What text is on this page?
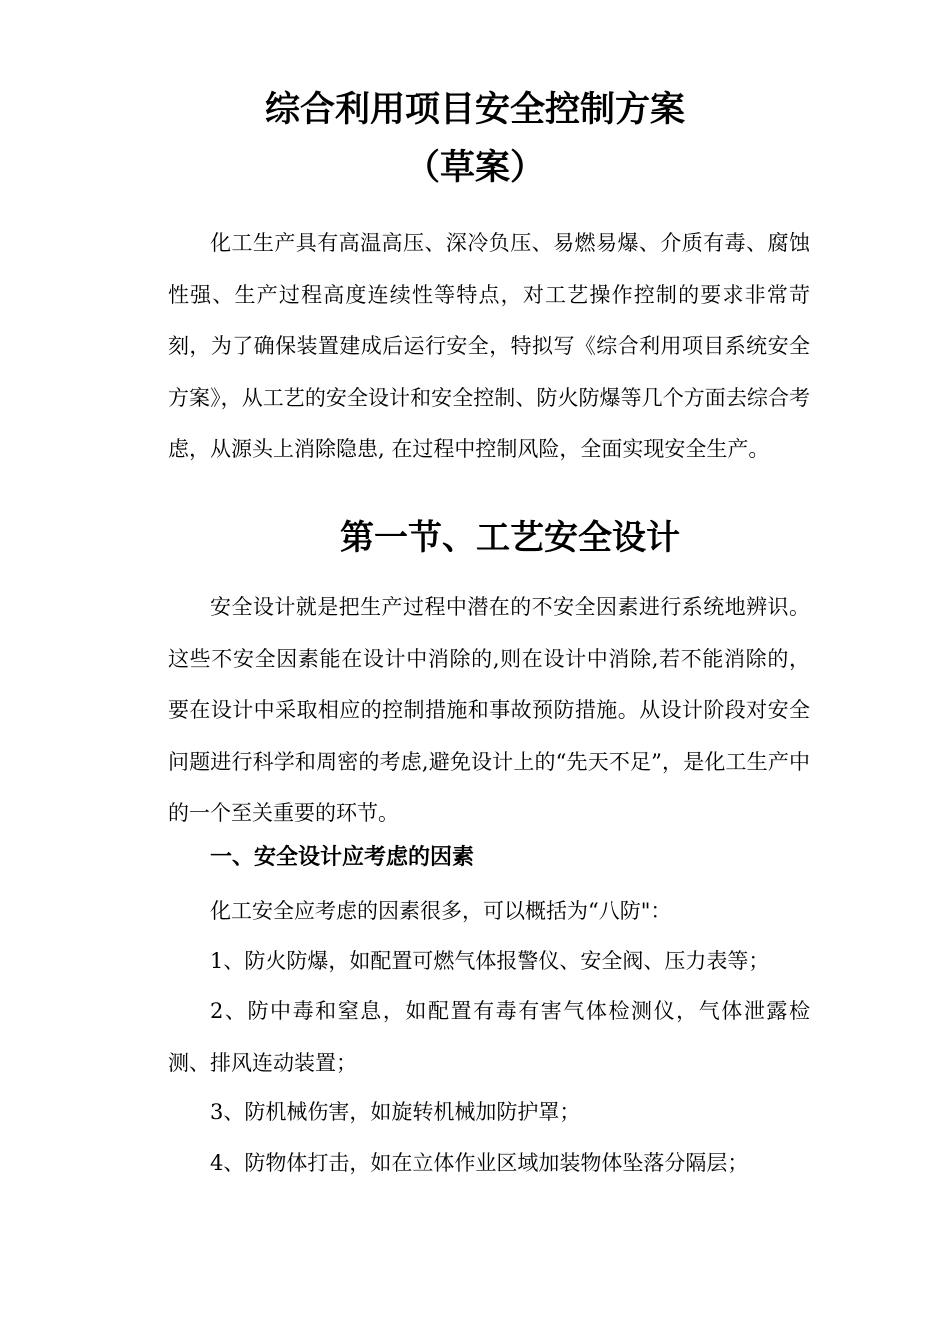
综合利用项目安全控制方案
（草案）

化工生产具有高温高压、深冷负压、易燃易爆、介质有毒、腐蚀性强、生产过程高度连续性等特点，对工艺操作控制的要求非常苛刻，为了确保装置建成后运行安全，特拟写《综合利用项目系统安全方案》，从工艺的安全设计和安全控制、防火防爆等几个方面去综合考虑，从源头上消除隐患, 在过程中控制风险，全面实现安全生产。

第一节、工艺安全设计

安全设计就是把生产过程中潜在的不安全因素进行系统地辨识。这些不安全因素能在设计中消除的,则在设计中消除,若不能消除的，要在设计中采取相应的控制措施和事故预防措施。从设计阶段对安全问题进行科学和周密的考虑,避免设计上的“先天不足”，是化工生产中的一个至关重要的环节。

一、安全设计应考虑的因素

化工安全应考虑的因素很多，可以概括为“八防"：

1、防火防爆，如配置可燃气体报警仪、安全阀、压力表等；

2、防中毒和窒息，如配置有毒有害气体检测仪，气体泄露检测、排风连动装置；

3、防机械伤害，如旋转机械加防护罩；

4、防物体打击，如在立体作业区域加装物体坠落分隔层；
